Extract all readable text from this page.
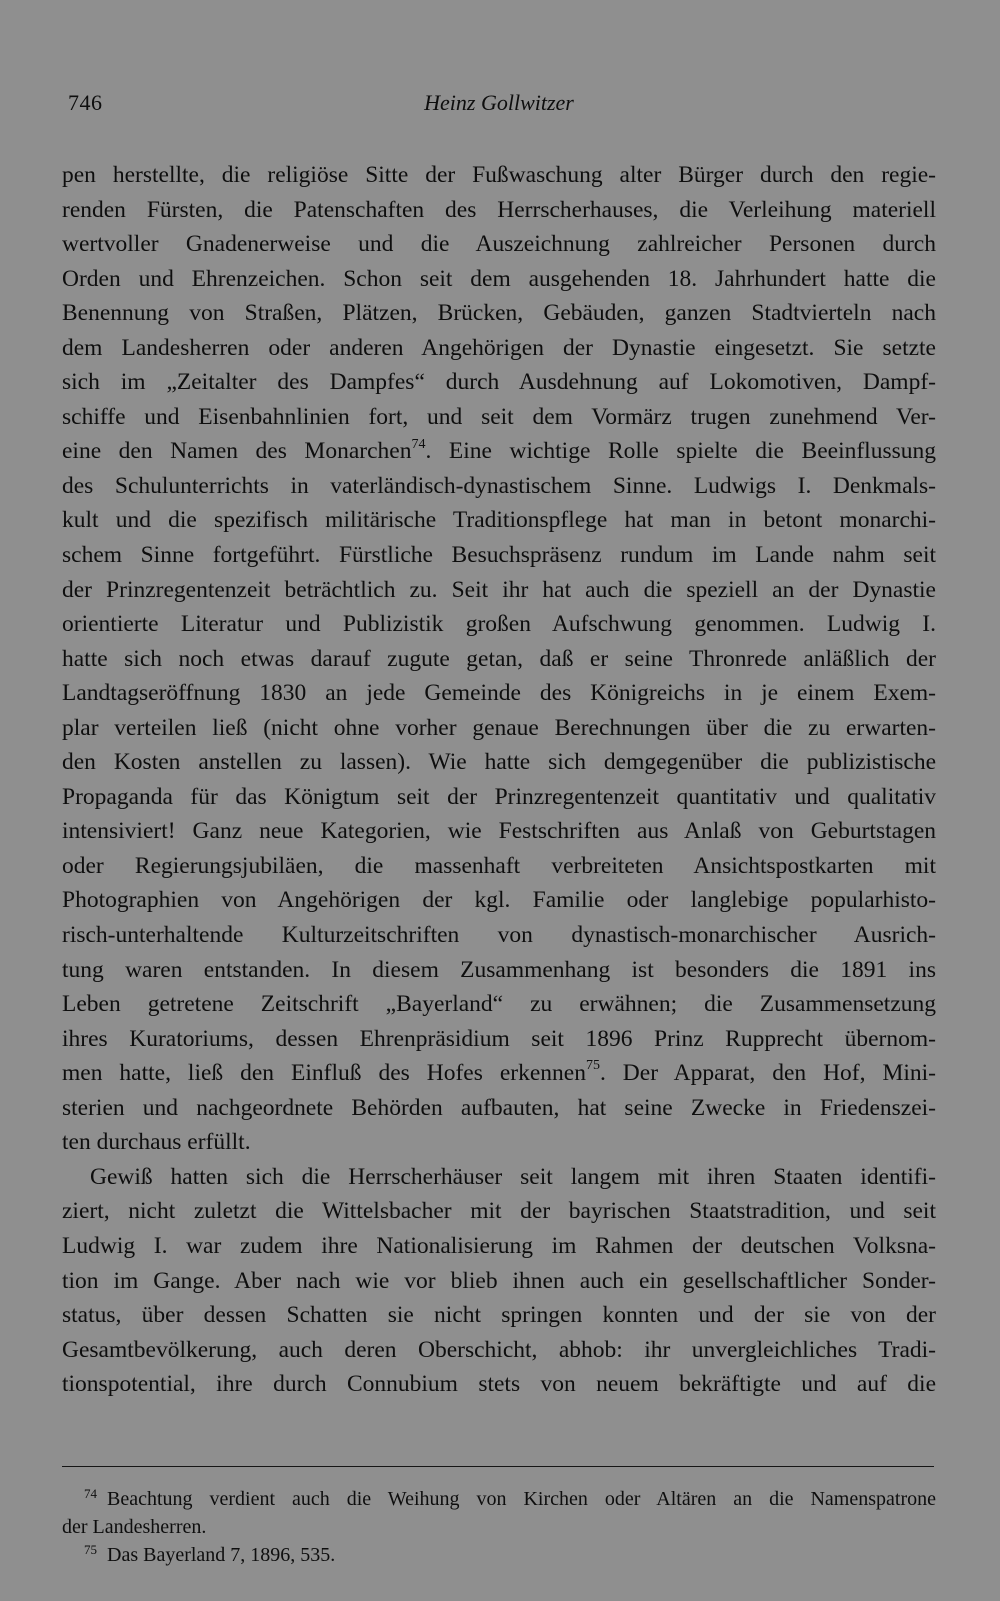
746	Heinz Gollwitzer
pen herstellte, die religiöse Sitte der Fußwaschung alter Bürger durch den regie-
renden Fürsten, die Patenschaften des Herrscherhauses, die Verleihung materiell
wertvoller Gnadenerweise und die Auszeichnung zahlreicher Personen durch
Orden und Ehrenzeichen. Schon seit dem ausgehenden 18. Jahrhundert hatte die
Benennung von Straßen, Plätzen, Brücken, Gebäuden, ganzen Stadtvierteln nach
dem Landesherren oder anderen Angehörigen der Dynastie eingesetzt. Sie setzte
sich im „Zeitalter des Dampfes“ durch Ausdehnung auf Lokomotiven, Dampf-
schiffe und Eisenbahnlinien fort, und seit dem Vormärz trugen zunehmend Ver-
eine den Namen des Monarchen$^{74}$. Eine wichtige Rolle spielte die Beeinflussung
des Schulunterrichts in vaterländisch-dynastischem Sinne. Ludwigs I. Denkmals-
kult und die spezifisch militärische Traditionspflege hat man in betont monarchi-
schem Sinne fortgeführt. Fürstliche Besuchspräsenz rundum im Lande nahm seit
der Prinzregentenzeit beträchtlich zu. Seit ihr hat auch die speziell an der Dynastie
orientierte Literatur und Publizistik großen Aufschwung genommen. Ludwig I.
hatte sich noch etwas darauf zugute getan, daß er seine Thronrede anläßlich der
Landtagseröffnung 1830 an jede Gemeinde des Königreichs in je einem Exem-
plar verteilen ließ (nicht ohne vorher genaue Berechnungen über die zu erwarten-
den Kosten anstellen zu lassen). Wie hatte sich demgegenüber die publizistische
Propaganda für das Königtum seit der Prinzregentenzeit quantitativ und qualitativ
intensiviert! Ganz neue Kategorien, wie Festschriften aus Anlaß von Geburtstagen
oder Regierungsjubiläen, die massenhaft verbreiteten Ansichtspostkarten mit
Photographien von Angehörigen der kgl. Familie oder langlebige popularhisto-
risch-unterhaltende Kulturzeitschriften von dynastisch-monarchischer Ausrich-
tung waren entstanden. In diesem Zusammenhang ist besonders die 1891 ins
Leben getretene Zeitschrift „Bayerland“ zu erwähnen; die Zusammensetzung
ihres Kuratoriums, dessen Ehrenpräsidium seit 1896 Prinz Rupprecht übernom-
men hatte, ließ den Einfluß des Hofes erkennen$^{75}$. Der Apparat, den Hof, Mini-
sterien und nachgeordnete Behörden aufbauten, hat seine Zwecke in Friedenszei-
ten durchaus erfüllt.
Gewiß hatten sich die Herrscherhäuser seit langem mit ihren Staaten identifi-
ziert, nicht zuletzt die Wittelsbacher mit der bayrischen Staatstradition, und seit
Ludwig I. war zudem ihre Nationalisierung im Rahmen der deutschen Volksna-
tion im Gange. Aber nach wie vor blieb ihnen auch ein gesellschaftlicher Sonder-
status, über dessen Schatten sie nicht springen konnten und der sie von der
Gesamtbevölkerung, auch deren Oberschicht, abhob: ihr unvergleichliches Tradi-
tionspotential, ihre durch Connubium stets von neuem bekräftigte und auf die
$^{74}$ Beachtung verdient auch die Weihung von Kirchen oder Altären an die Namenspatrone
der Landesherren.
$^{75}$ Das Bayerland 7, 1896, 535.
